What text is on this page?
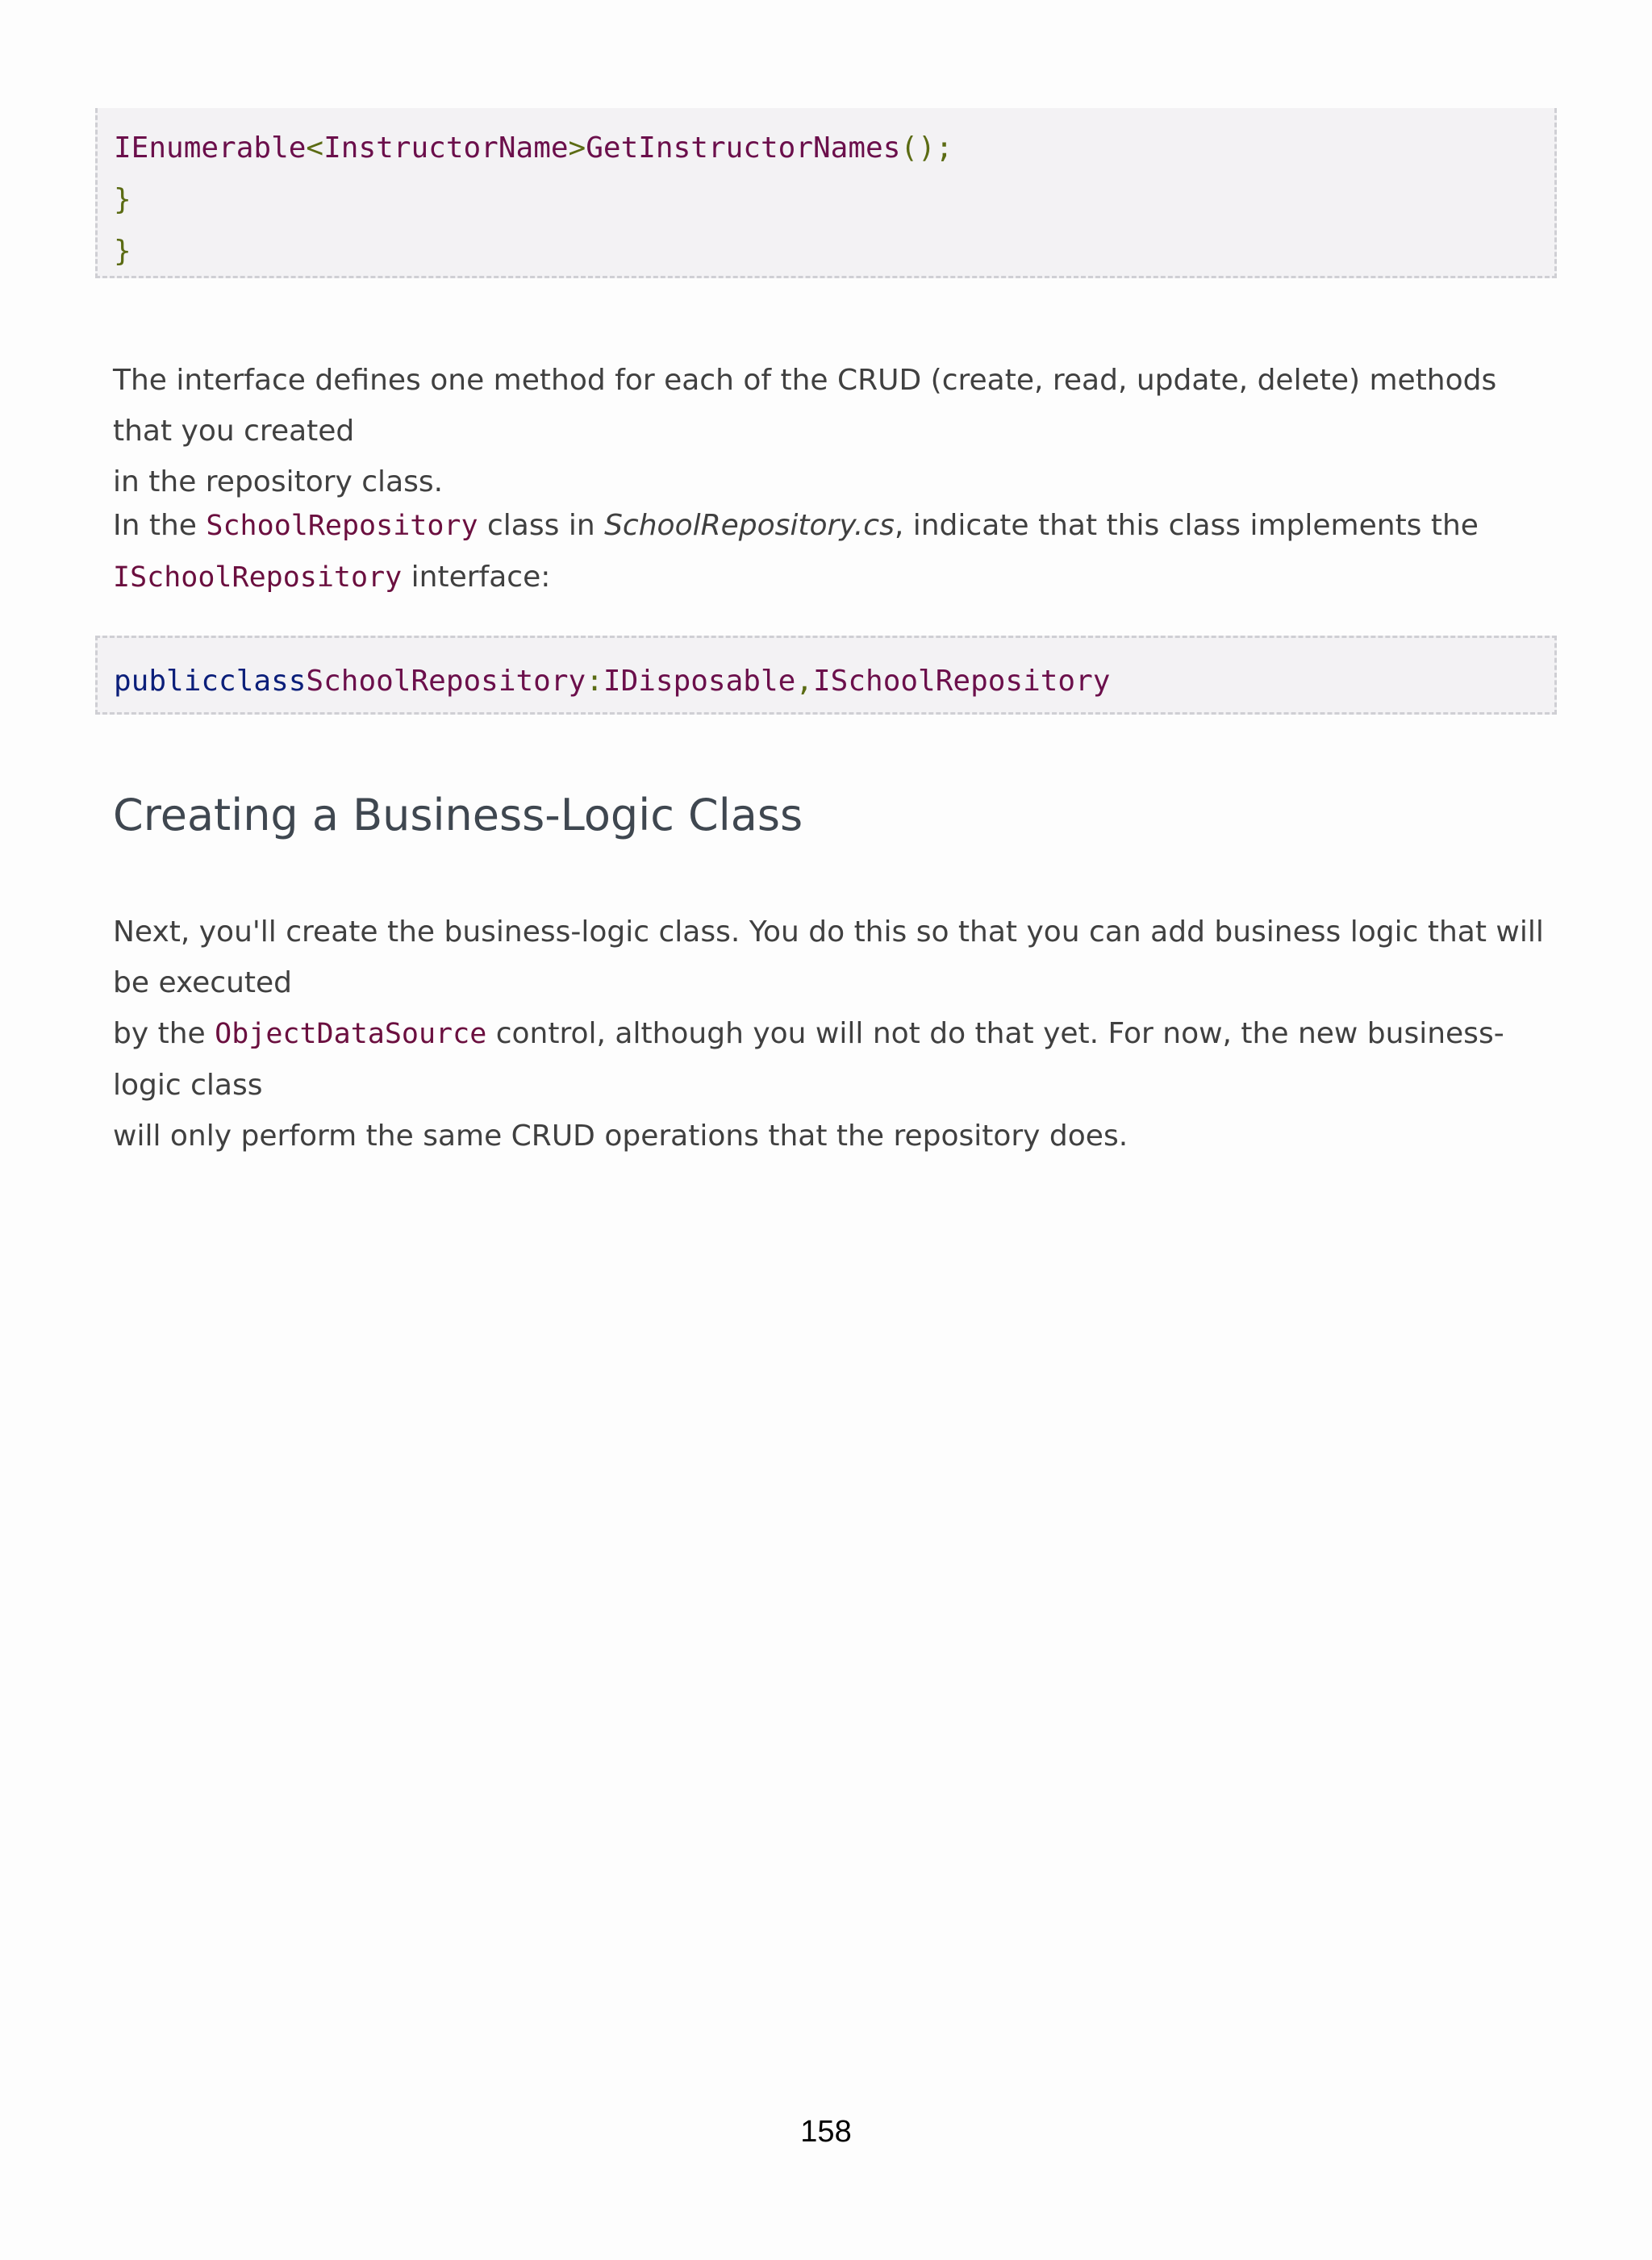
IEnumerable<InstructorName>GetInstructorNames();
}
}
The interface defines one method for each of the CRUD (create, read, update, delete) methods that you created
in the repository class.
In the SchoolRepository class in SchoolRepository.cs, indicate that this class implements the
ISchoolRepository interface:
publicclassSchoolRepository:IDisposable,ISchoolRepository
Creating a Business-Logic Class
Next, you'll create the business-logic class. You do this so that you can add business logic that will be executed
by the ObjectDataSource control, although you will not do that yet. For now, the new business-logic class
will only perform the same CRUD operations that the repository does.
158
